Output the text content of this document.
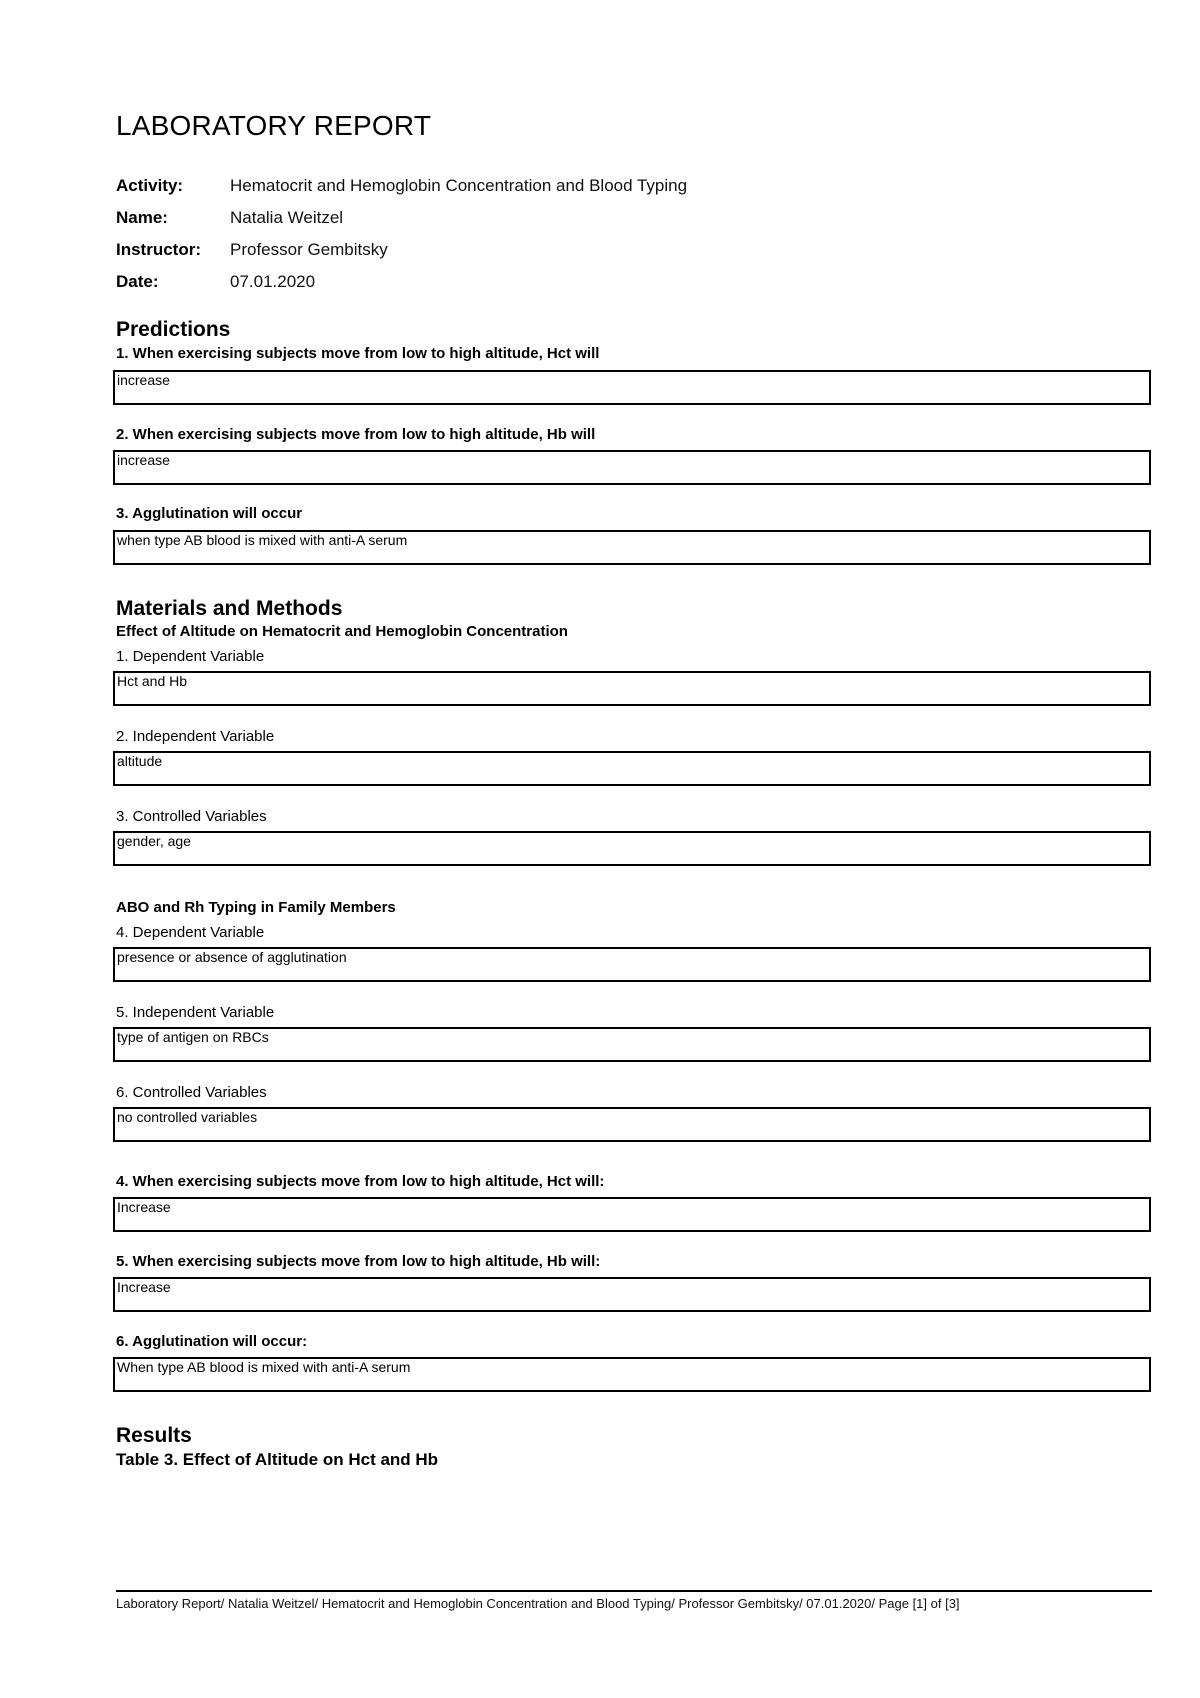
LABORATORY REPORT
Activity:	Hematocrit and Hemoglobin Concentration and Blood Typing
Name:	Natalia Weitzel
Instructor:	Professor Gembitsky
Date:	07.01.2020
Predictions
1. When exercising subjects move from low to high altitude, Hct will
increase
2. When exercising subjects move from low to high altitude, Hb will
increase
3. Agglutination will occur
when type AB blood is mixed with anti-A serum
Materials and Methods
Effect of Altitude on Hematocrit and Hemoglobin Concentration
1. Dependent Variable
Hct and Hb
2. Independent Variable
altitude
3. Controlled Variables
gender, age
ABO and Rh Typing in Family Members
4. Dependent Variable
presence or absence of agglutination
5. Independent Variable
type of antigen on RBCs
6. Controlled Variables
no controlled variables
4. When exercising subjects move from low to high altitude, Hct will:
Increase
5. When exercising subjects move from low to high altitude, Hb will:
Increase
6. Agglutination will occur:
When type AB blood is mixed with anti-A serum
Results
Table 3. Effect of Altitude on Hct and Hb
Laboratory Report/ Natalia Weitzel/ Hematocrit and Hemoglobin Concentration and Blood Typing/ Professor Gembitsky/ 07.01.2020/ Page [1] of [3]
